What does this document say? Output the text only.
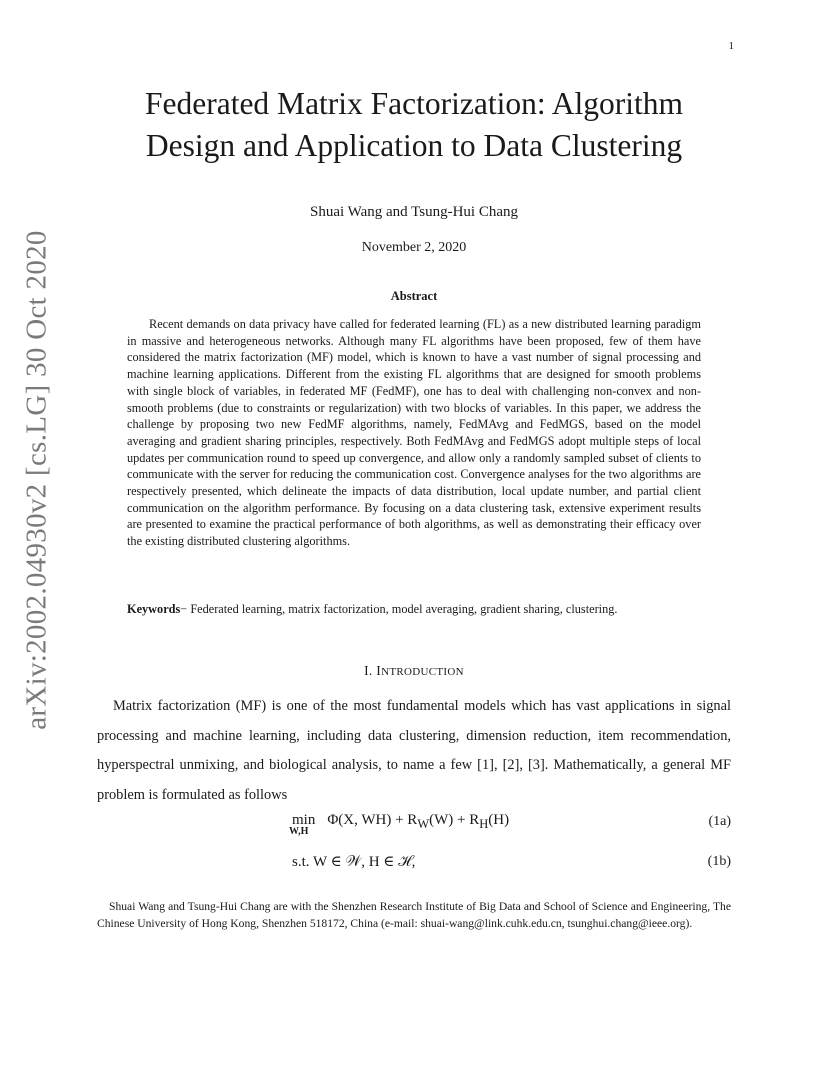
1
arXiv:2002.04930v2 [cs.LG] 30 Oct 2020
Federated Matrix Factorization: Algorithm
Design and Application to Data Clustering
Shuai Wang and Tsung-Hui Chang
November 2, 2020
Abstract

Recent demands on data privacy have called for federated learning (FL) as a new distributed learning paradigm in massive and heterogeneous networks. Although many FL algorithms have been proposed, few of them have considered the matrix factorization (MF) model, which is known to have a vast number of signal processing and machine learning applications. Different from the existing FL algorithms that are designed for smooth problems with single block of variables, in federated MF (FedMF), one has to deal with challenging non-convex and non-smooth problems (due to constraints or regularization) with two blocks of variables. In this paper, we address the challenge by proposing two new FedMF algorithms, namely, FedMAvg and FedMGS, based on the model averaging and gradient sharing principles, respectively. Both FedMAvg and FedMGS adopt multiple steps of local updates per communication round to speed up convergence, and allow only a randomly sampled subset of clients to communicate with the server for reducing the communication cost. Convergence analyses for the two algorithms are respectively presented, which delineate the impacts of data distribution, local update number, and partial client communication on the algorithm performance. By focusing on a data clustering task, extensive experiment results are presented to examine the practical performance of both algorithms, as well as demonstrating their efficacy over the existing distributed clustering algorithms.

Keywords− Federated learning, matrix factorization, model averaging, gradient sharing, clustering.
I. INTRODUCTION

Matrix factorization (MF) is one of the most fundamental models which has vast applications in signal processing and machine learning, including data clustering, dimension reduction, item recommendation, hyperspectral unmixing, and biological analysis, to name a few [1], [2], [3]. Mathematically, a general MF problem is formulated as follows

min
W,H
Φ(X, $WH) + R_W(W) + R_H(H)$	(1a)
s.t. W ∈ 𝒲, H ∈ ℋ,	(1b)

Shuai Wang and Tsung-Hui Chang are with the Shenzhen Research Institute of Big Data and School of Science and Engineering, The Chinese University of Hong Kong, Shenzhen 518172, China (e-mail: shuai-wang@link.cuhk.edu.cn, tsunghui.chang@ieee.org).
